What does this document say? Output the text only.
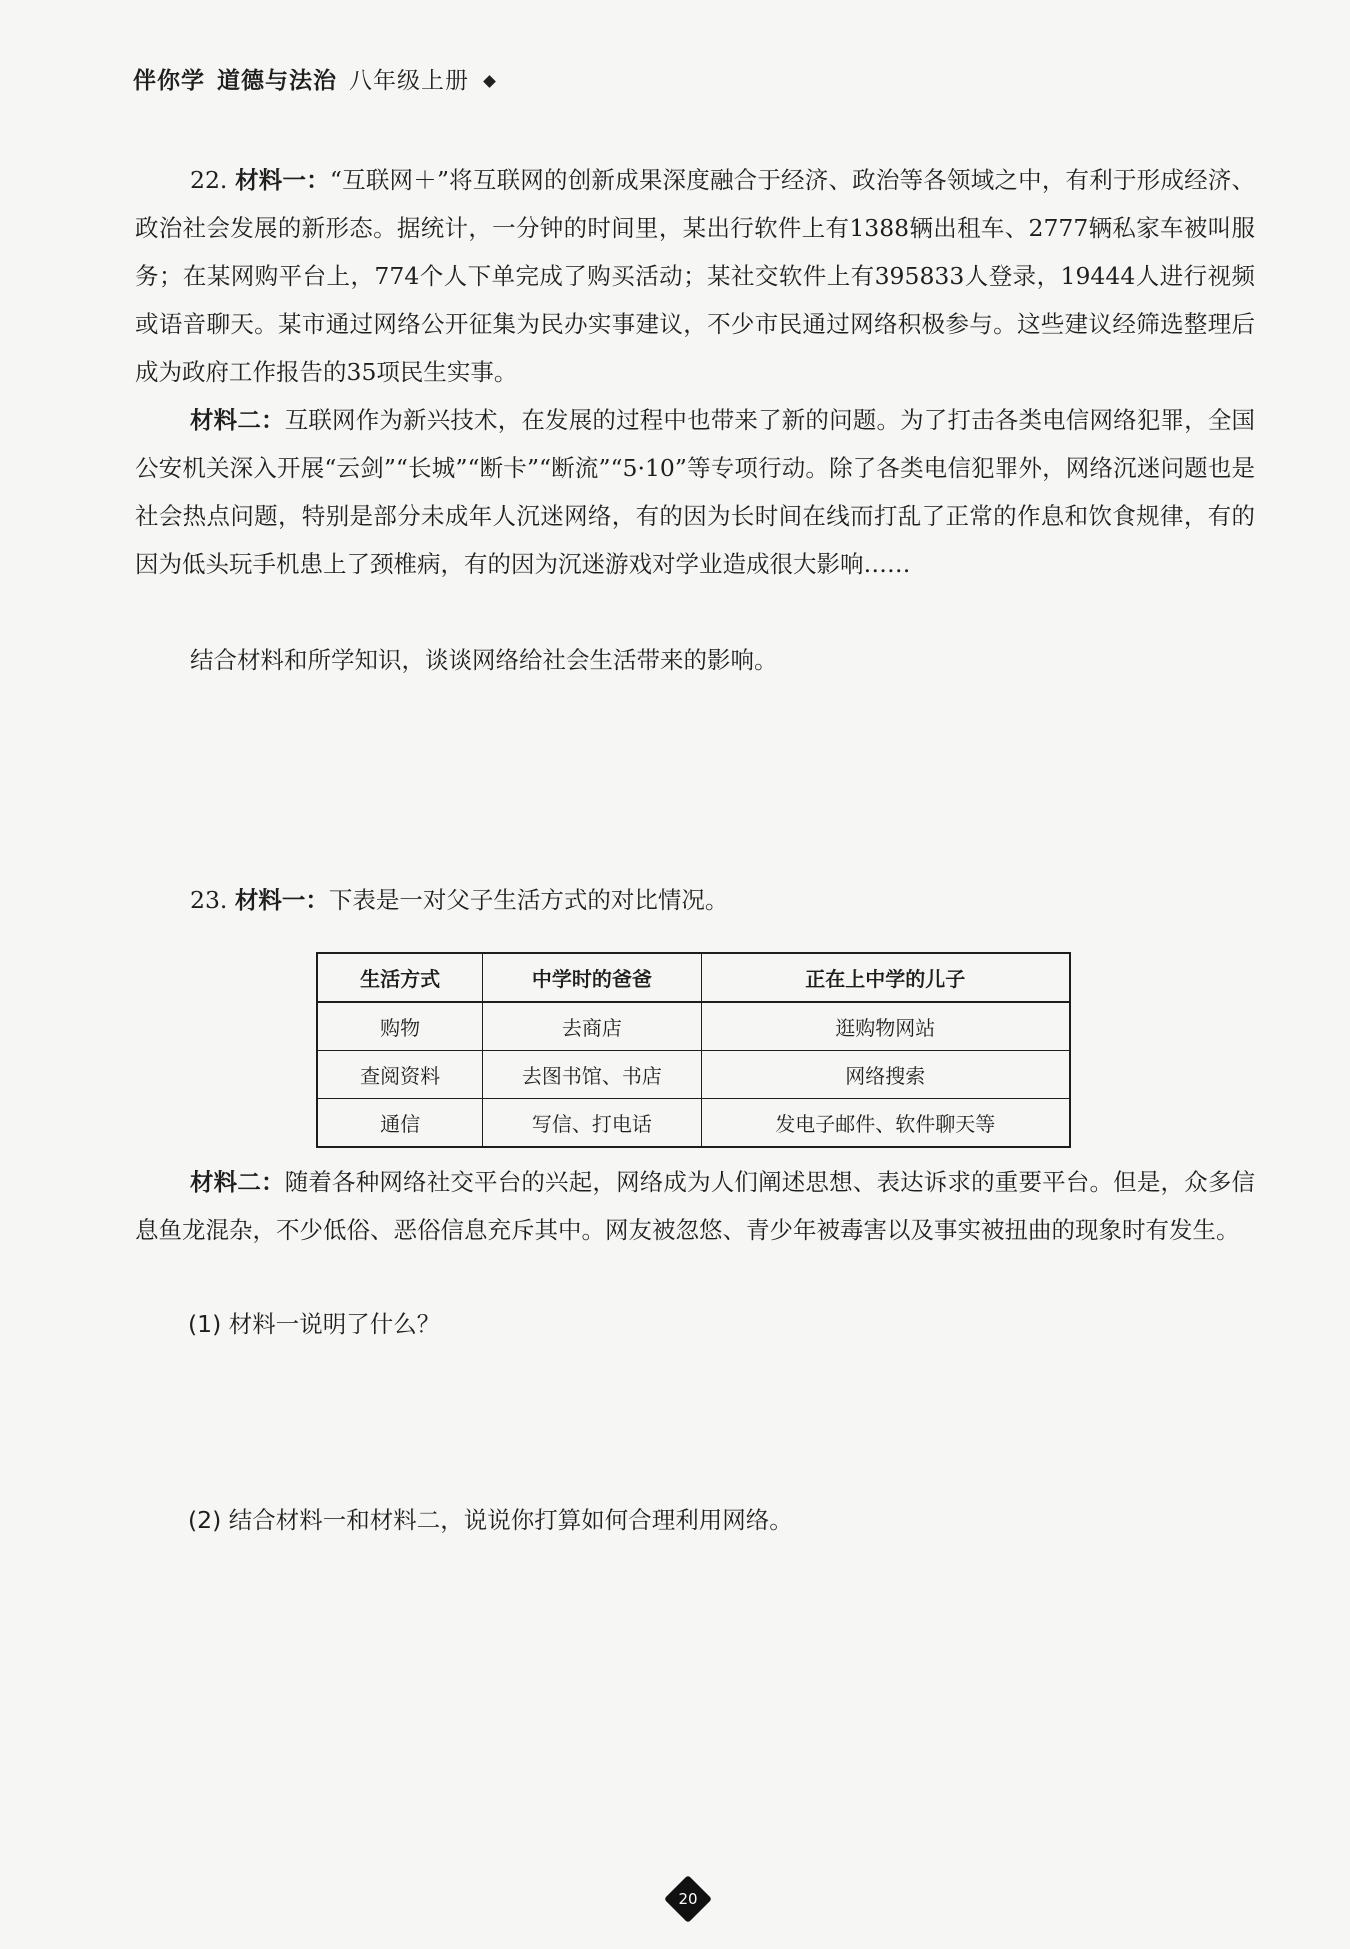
伴你学 道德与法治 八年级上册

22. 材料一：“互联网＋”将互联网的创新成果深度融合于经济、政治等各领域之中，有利于形成经济、政治社会发展的新形态。据统计，一分钟的时间里，某出行软件上有1388辆出租车、2777辆私家车被叫服务；在某网购平台上，774个人下单完成了购买活动；某社交软件上有395833人登录，19444人进行视频或语音聊天。某市通过网络公开征集为民办实事建议，不少市民通过网络积极参与。这些建议经筛选整理后成为政府工作报告的35项民生实事。

材料二：互联网作为新兴技术，在发展的过程中也带来了新的问题。为了打击各类电信网络犯罪，全国公安机关深入开展“云剑”“长城”“断卡”“断流”“5·10”等专项行动。除了各类电信犯罪外，网络沉迷问题也是社会热点问题，特别是部分未成年人沉迷网络，有的因为长时间在线而打乱了正常的作息和饮食规律，有的因为低头玩手机患上了颈椎病，有的因为沉迷游戏对学业造成很大影响……

结合材料和所学知识，谈谈网络给社会生活带来的影响。

23. 材料一：下表是一对父子生活方式的对比情况。

生活方式	中学时的爸爸	正在上中学的儿子
购物	去商店	逛购物网站
查阅资料	去图书馆、书店	网络搜索
通信	写信、打电话	发电子邮件、软件聊天等

材料二：随着各种网络社交平台的兴起，网络成为人们阐述思想、表达诉求的重要平台。但是，众多信息鱼龙混杂，不少低俗、恶俗信息充斥其中。网友被忽悠、青少年被毒害以及事实被扭曲的现象时有发生。

(1) 材料一说明了什么？
(2) 结合材料一和材料二，说说你打算如何合理利用网络。
20
